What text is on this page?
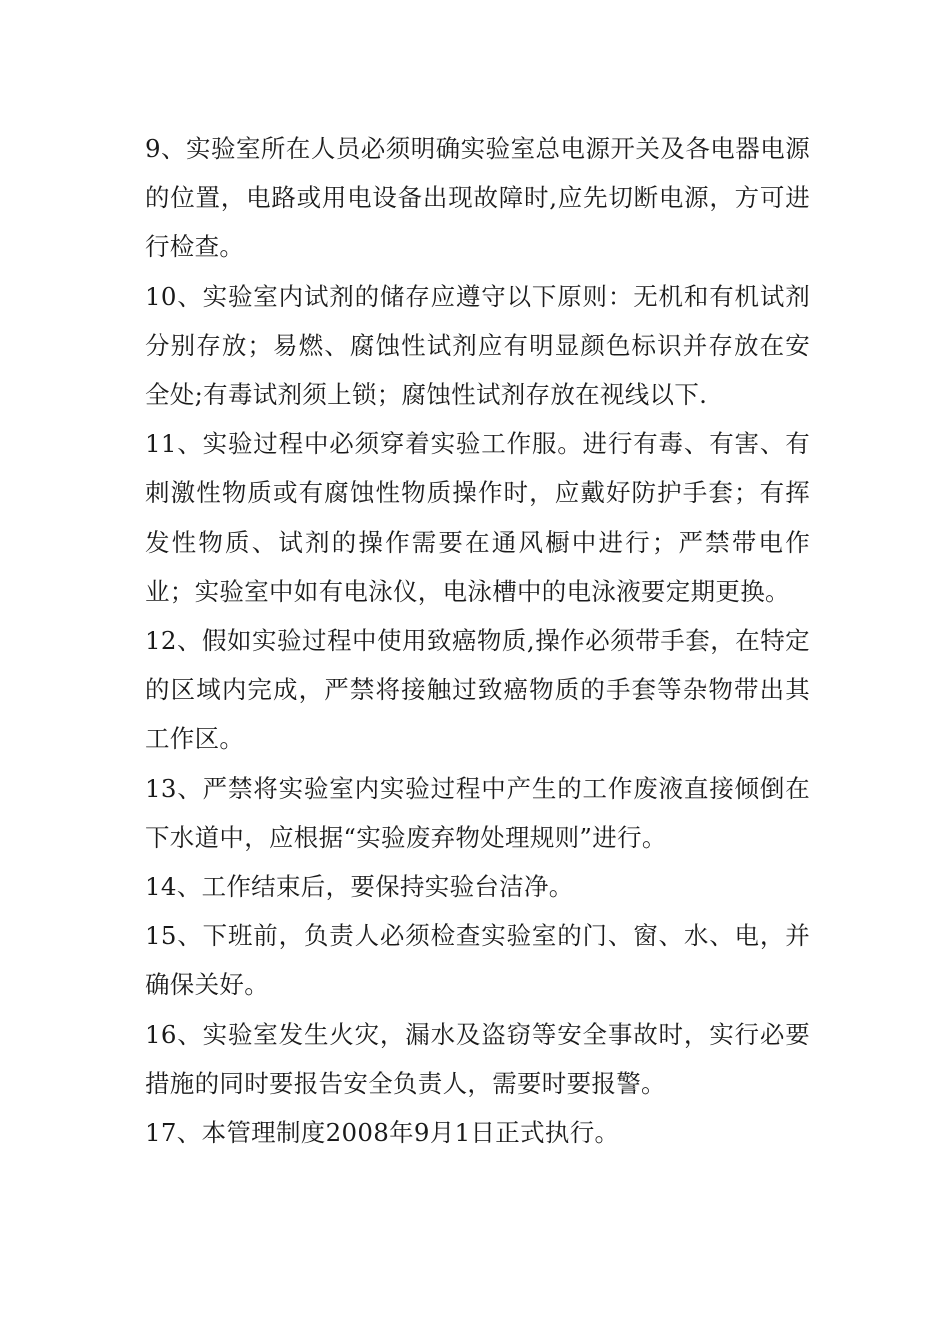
9、实验室所在人员必须明确实验室总电源开关及各电器电源的位置，电路或用电设备出现故障时,应先切断电源，方可进行检查。

10、实验室内试剂的储存应遵守以下原则：无机和有机试剂分别存放；易燃、腐蚀性试剂应有明显颜色标识并存放在安全处;有毒试剂须上锁；腐蚀性试剂存放在视线以下.

11、实验过程中必须穿着实验工作服。进行有毒、有害、有刺激性物质或有腐蚀性物质操作时，应戴好防护手套；有挥发性物质、试剂的操作需要在通风橱中进行；严禁带电作业；实验室中如有电泳仪，电泳槽中的电泳液要定期更换。

12、假如实验过程中使用致癌物质,操作必须带手套，在特定的区域内完成，严禁将接触过致癌物质的手套等杂物带出其工作区。

13、严禁将实验室内实验过程中产生的工作废液直接倾倒在下水道中，应根据“实验废弃物处理规则”进行。

14、工作结束后，要保持实验台洁净。

15、下班前，负责人必须检查实验室的门、窗、水、电，并确保关好。

16、实验室发生火灾，漏水及盗窃等安全事故时，实行必要措施的同时要报告安全负责人，需要时要报警。

17、本管理制度2008年9月1日正式执行。
